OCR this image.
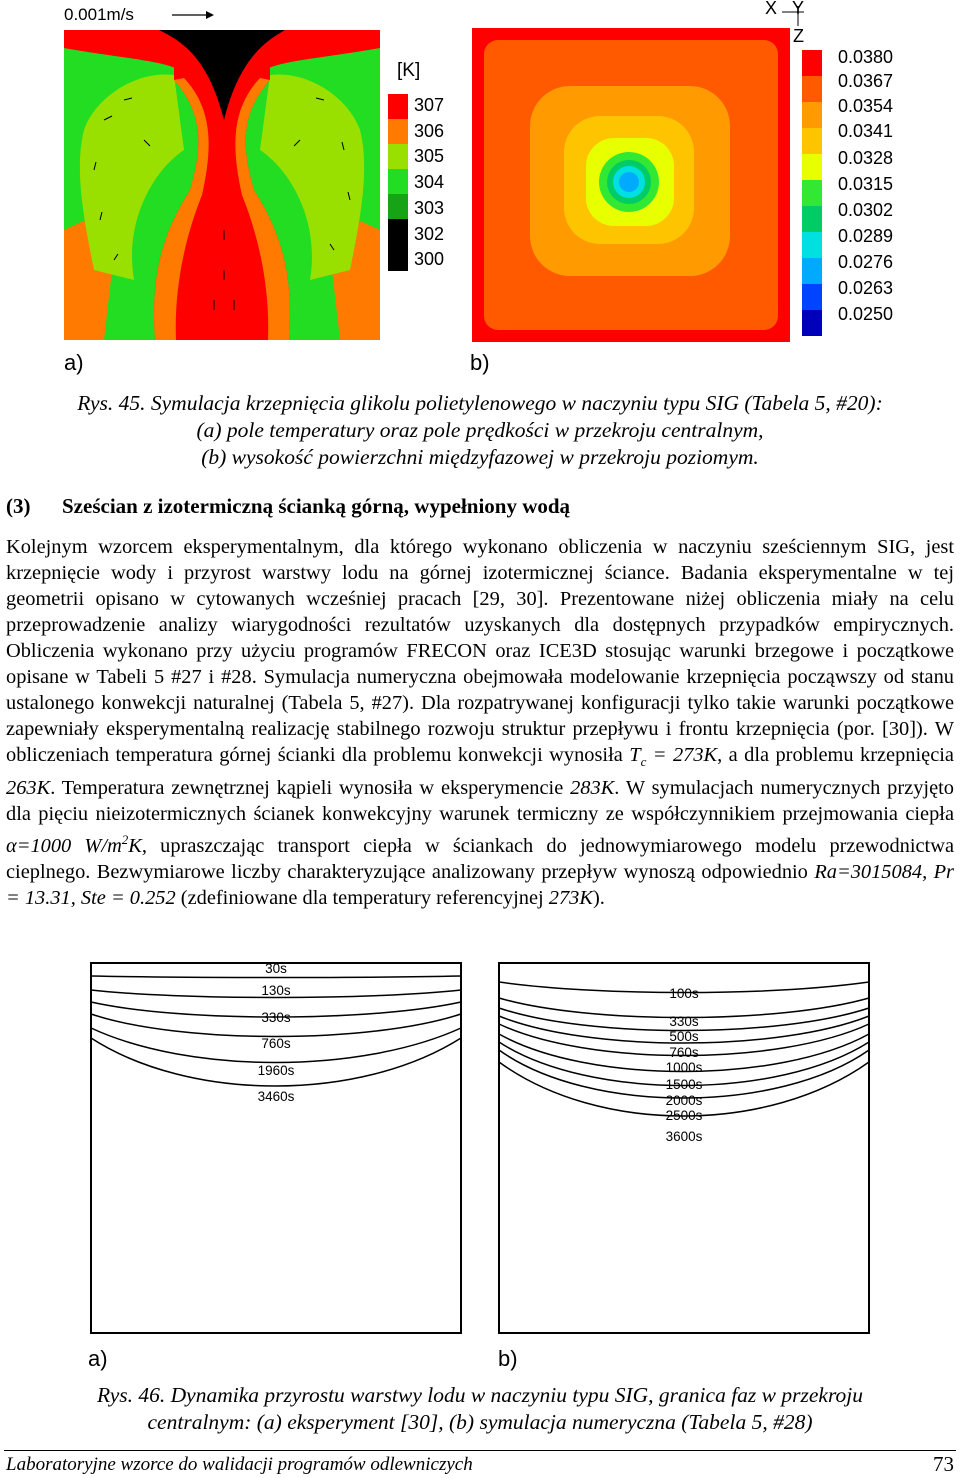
0.001m/s
[K]
307
306
305
304
303
302
300
X Y
Z
0.0380
0.0367
0.0354
0.0341
0.0328
0.0315
0.0302
0.0289
0.0276
0.0263
0.0250
a)	b)
Rys. 45. Symulacja krzepnięcia glikolu polietylenowego w naczyniu typu SIG (Tabela 5, #20):
(a) pole temperatury oraz pole prędkości w przekroju centralnym,
(b) wysokość powierzchni międzyfazowej w przekroju poziomym.
(3) Sześcian z izotermiczną ścianką górną, wypełniony wodą
Kolejnym wzorcem eksperymentalnym, dla którego wykonano obliczenia w naczyniu sześciennym SIG, jest krzepnięcie wody i przyrost warstwy lodu na górnej izotermicznej ściance. Badania eksperymentalne w tej geometrii opisano w cytowanych wcześniej pracach [29, 30]. Prezentowane niżej obliczenia miały na celu przeprowadzenie analizy wiarygodności rezultatów uzyskanych dla dostępnych przypadków empirycznych. Obliczenia wykonano przy użyciu programów FRECON oraz ICE3D stosując warunki brzegowe i początkowe opisane w Tabeli 5 #27 i #28. Symulacja numeryczna obejmowała modelowanie krzepnięcia począwszy od stanu ustalonego konwekcji naturalnej (Tabela 5, #27). Dla rozpatrywanej konfiguracji tylko takie warunki początkowe zapewniały eksperymentalną realizację stabilnego rozwoju struktur przepływu i frontu krzepnięcia (por. [30]). W obliczeniach temperatura górnej ścianki dla problemu konwekcji wynosiła $T_c = 273K$, a dla problemu krzepnięcia 263K. Temperatura zewnętrznej kąpieli wynosiła w eksperymencie 283K. W symulacjach numerycznych przyjęto dla pięciu nieizotermicznych ścianek konwekcyjny warunek termiczny ze współczynnikiem przejmowania ciepła α=1000 $W/m^2K$, upraszczając transport ciepła w ściankach do jednowymiarowego modelu przewodnictwa cieplnego. Bezwymiarowe liczby charakteryzujące analizowany przepływ wynoszą odpowiednio Ra=3015084, Pr = 13.31, Ste = 0.252 (zdefiniowane dla temperatury referencyjnej 273K).
30s
130s
330s
760s
1960s
3460s
100s
330s
500s
760s
1000s
1500s
2000s
2500s
3600s
a)	b)
Rys. 46. Dynamika przyrostu warstwy lodu w naczyniu typu SIG, granica faz w przekroju
centralnym: (a) eksperyment [30], (b) symulacja numeryczna (Tabela 5, #28)
Laboratoryjne wzorce do walidacji programów odlewniczych	73
